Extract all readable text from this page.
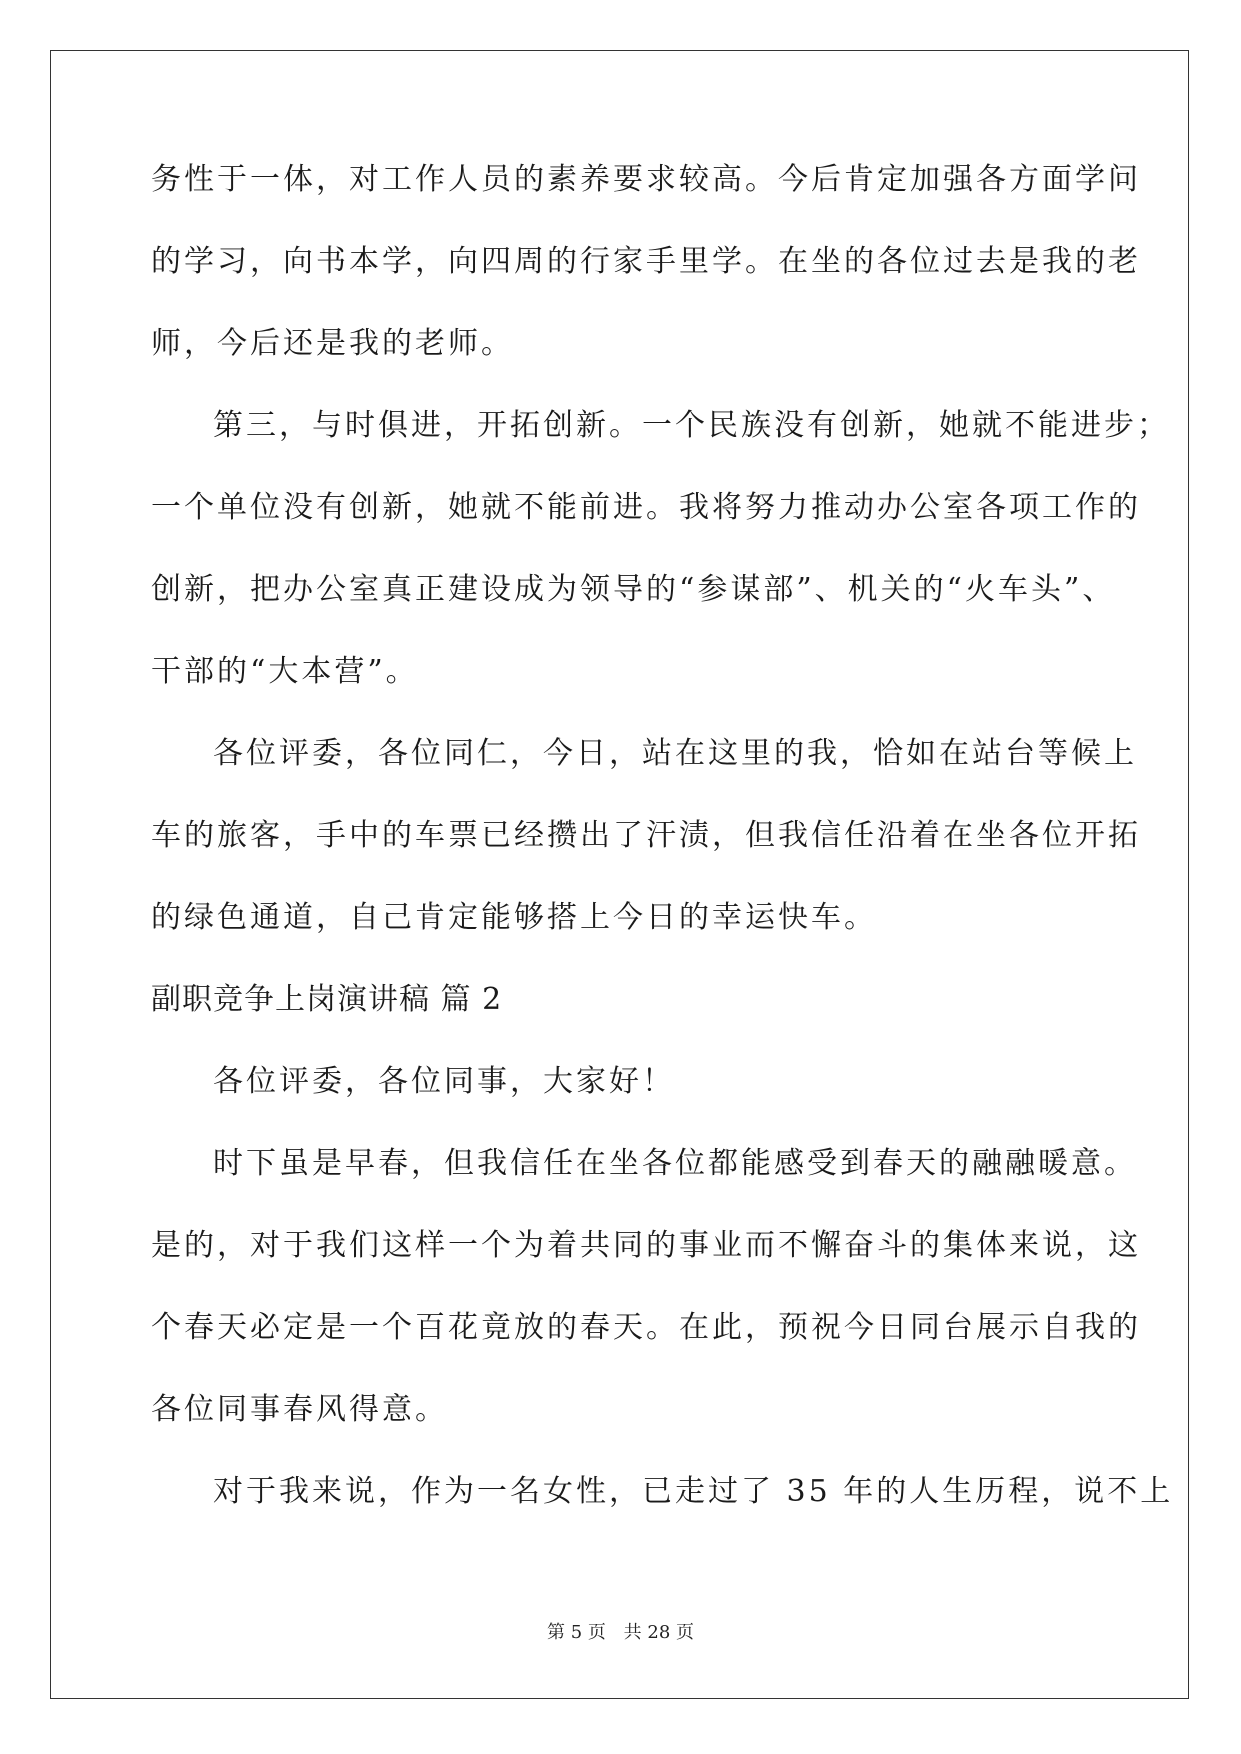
务性于一体，对工作人员的素养要求较高。今后肯定加强各方面学问
的学习，向书本学，向四周的行家手里学。在坐的各位过去是我的老
师，今后还是我的老师。
第三，与时俱进，开拓创新。一个民族没有创新，她就不能进步；
一个单位没有创新，她就不能前进。我将努力推动办公室各项工作的
创新，把办公室真正建设成为领导的“参谋部”、机关的“火车头”、
干部的“大本营”。
各位评委，各位同仁，今日，站在这里的我，恰如在站台等候上
车的旅客，手中的车票已经攒出了汗渍，但我信任沿着在坐各位开拓
的绿色通道，自己肯定能够搭上今日的幸运快车。
副职竞争上岗演讲稿 篇 2
各位评委，各位同事，大家好！
时下虽是早春，但我信任在坐各位都能感受到春天的融融暖意。
是的，对于我们这样一个为着共同的事业而不懈奋斗的集体来说，这
个春天必定是一个百花竟放的春天。在此，预祝今日同台展示自我的
各位同事春风得意。
对于我来说，作为一名女性，已走过了 35 年的人生历程，说不上
第 5 页 共 28 页
